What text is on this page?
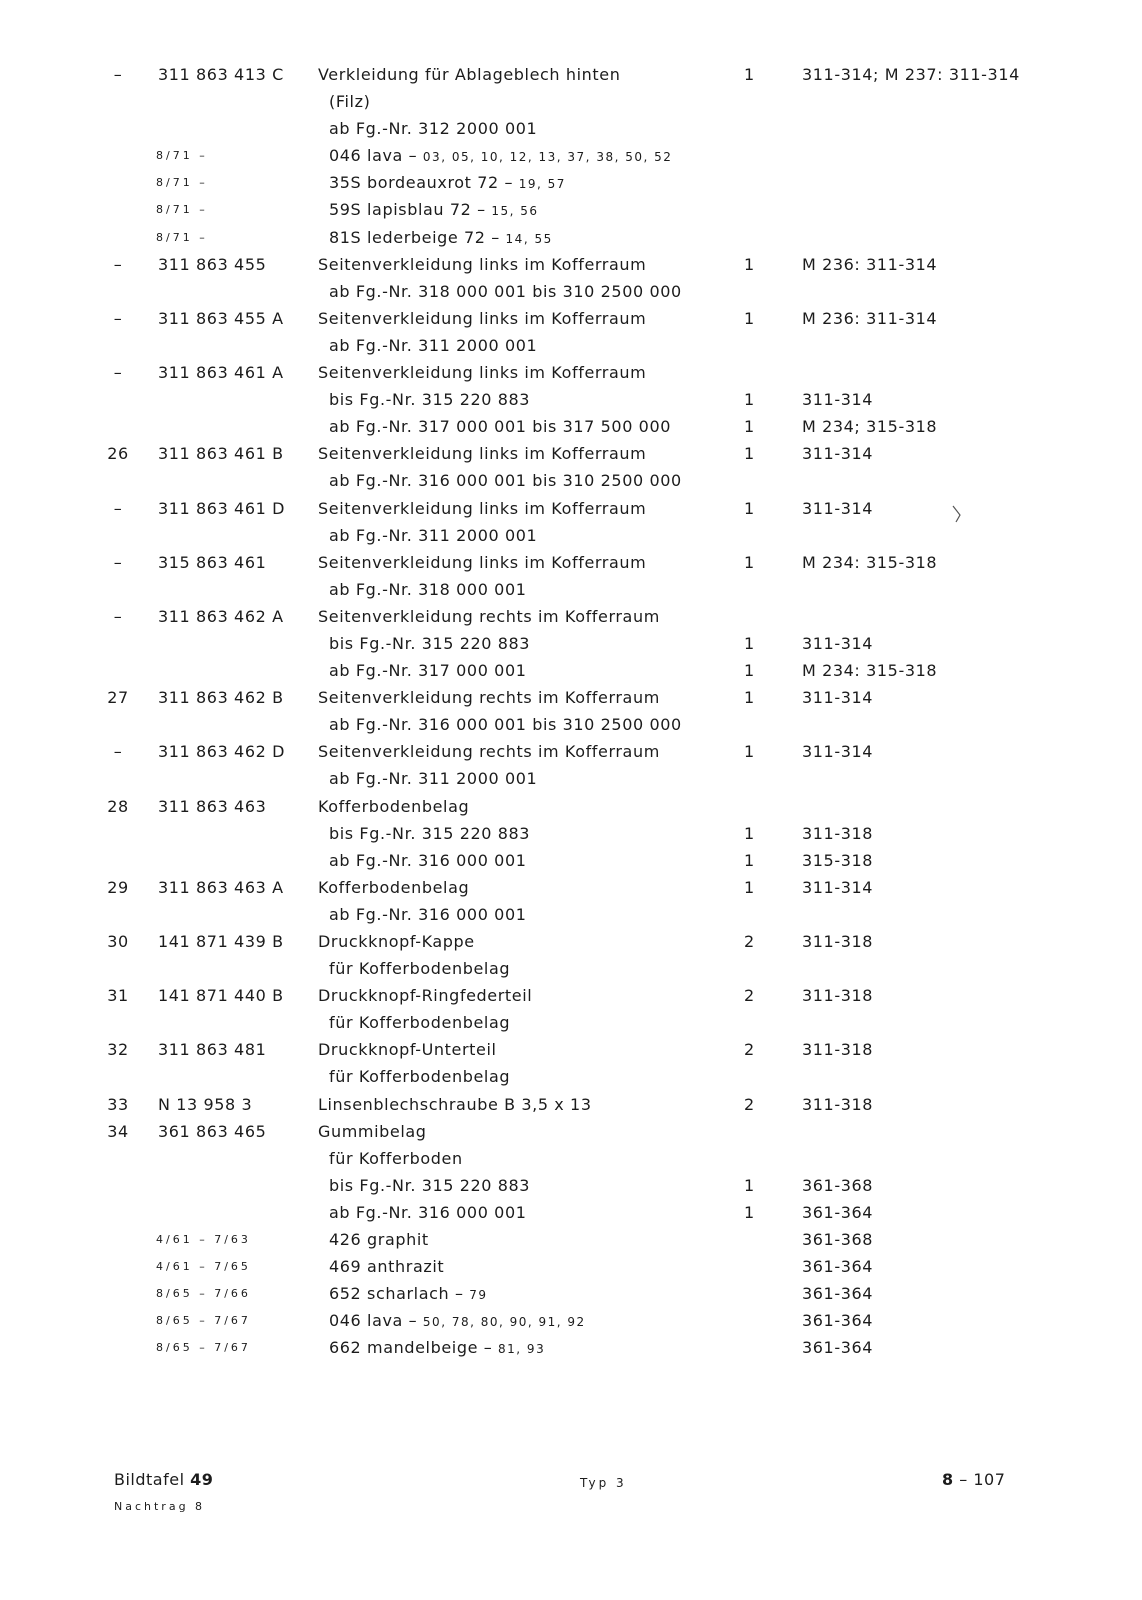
–	311 863 413 C Verkleidung für Ablageblech hinten	1	311-314; M 237: 311-314
(Filz)
ab Fg.-Nr. 312 2000 001
8/71 –	046 lava – 03, 05, 10, 12, 13, 37, 38, 50, 52
8/71 –	35S bordeauxrot 72 – 19, 57
8/71 –	59S lapisblau 72 – 15, 56
8/71 –	81S lederbeige 72 – 14, 55
–	311 863 455	Seitenverkleidung links im Kofferraum	1	M 236: 311-314
ab Fg.-Nr. 318 000 001 bis 310 2500 000
–	311 863 455 A Seitenverkleidung links im Kofferraum	1	M 236: 311-314
ab Fg.-Nr. 311 2000 001
–	311 863 461 A Seitenverkleidung links im Kofferraum
bis Fg.-Nr. 315 220 883	1	311-314
ab Fg.-Nr. 317 000 001 bis 317 500 000	1	M 234; 315-318
26	311 863 461 B Seitenverkleidung links im Kofferraum	1	311-314
ab Fg.-Nr. 316 000 001 bis 310 2500 000
–	311 863 461 D Seitenverkleidung links im Kofferraum	1	311-314
ab Fg.-Nr. 311 2000 001
–	315 863 461	Seitenverkleidung links im Kofferraum	1	M 234: 315-318
ab Fg.-Nr. 318 000 001
–	311 863 462 A Seitenverkleidung rechts im Kofferraum
bis Fg.-Nr. 315 220 883	1	311-314
ab Fg.-Nr. 317 000 001	1	M 234: 315-318
27	311 863 462 B Seitenverkleidung rechts im Kofferraum	1	311-314
ab Fg.-Nr. 316 000 001 bis 310 2500 000
–	311 863 462 D Seitenverkleidung rechts im Kofferraum	1	311-314
ab Fg.-Nr. 311 2000 001
28	311 863 463	Kofferbodenbelag
bis Fg.-Nr. 315 220 883	1	311-318
ab Fg.-Nr. 316 000 001	1	315-318
29	311 863 463 A Kofferbodenbelag	1	311-314
ab Fg.-Nr. 316 000 001
30	141 871 439 B Druckknopf-Kappe	2	311-318
für Kofferbodenbelag
31	141 871 440 B Druckknopf-Ringfederteil	2	311-318
für Kofferbodenbelag
32	311 863 481	Druckknopf-Unterteil	2	311-318
für Kofferbodenbelag
33	N 13 958 3	Linsenblechschraube B 3,5 x 13	2	311-318
34	361 863 465	Gummibelag
für Kofferboden
bis Fg.-Nr. 315 220 883	1	361-368
ab Fg.-Nr. 316 000 001	1	361-364
4/61 – 7/63	426 graphit	361-368
4/61 – 7/65	469 anthrazit	361-364
8/65 – 7/66	652 scharlach – 79	361-364
8/65 – 7/67	046 lava – 50, 78, 80, 90, 91, 92	361-364
8/65 – 7/67	662 mandelbeige – 81, 93	361-364
Bildtafel 49
Nachtrag 8
Typ 3	8 – 107
